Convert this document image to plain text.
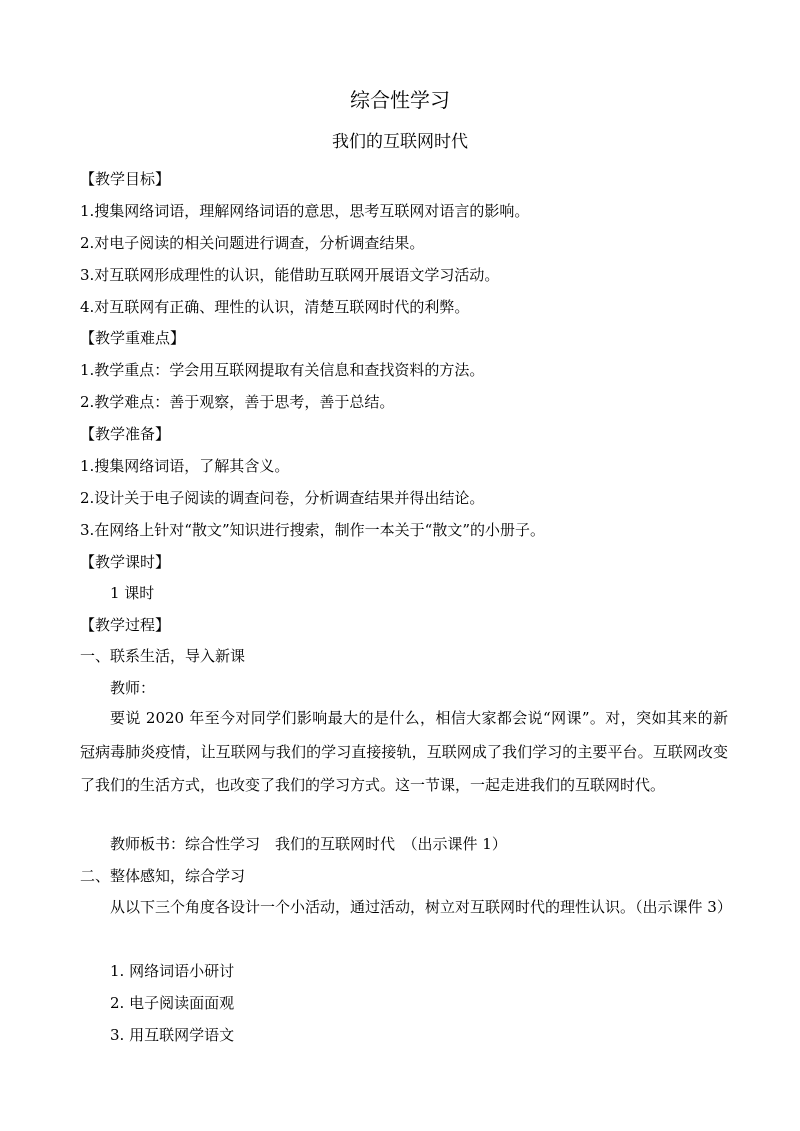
综合性学习
我们的互联网时代
【教学目标】
1.搜集网络词语，理解网络词语的意思，思考互联网对语言的影响。
2.对电子阅读的相关问题进行调查，分析调查结果。
3.对互联网形成理性的认识，能借助互联网开展语文学习活动。
4.对互联网有正确、理性的认识，清楚互联网时代的利弊。
【教学重难点】
1.教学重点：学会用互联网提取有关信息和查找资料的方法。
2.教学难点：善于观察，善于思考，善于总结。
【教学准备】
1.搜集网络词语，了解其含义。
2.设计关于电子阅读的调查问卷，分析调查结果并得出结论。
3.在网络上针对“散文”知识进行搜索，制作一本关于“散文”的小册子。
【教学课时】
1 课时
【教学过程】
一、联系生活，导入新课
教师：
要说 2020 年至今对同学们影响最大的是什么，相信大家都会说“网课”。对，突如其来的新冠病毒肺炎疫情，让互联网与我们的学习直接接轨，互联网成了我们学习的主要平台。互联网改变了我们的生活方式，也改变了我们的学习方式。这一节课，一起走进我们的互联网时代。
教师板书：综合性学习　我们的互联网时代　（出示课件 1）
二、整体感知，综合学习
从以下三个角度各设计一个小活动，通过活动，树立对互联网时代的理性认识。（出示课件 3）
1. 网络词语小研讨
2. 电子阅读面面观
3. 用互联网学语文
